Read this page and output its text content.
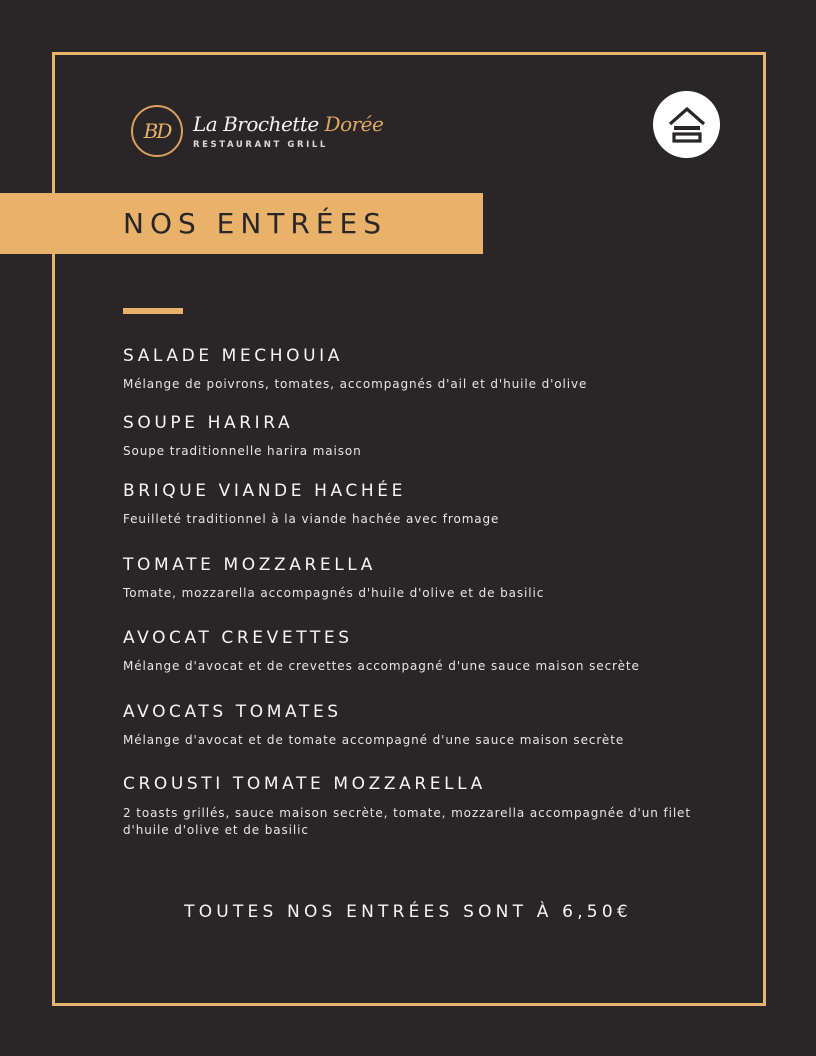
BD	La Brochette Dorée
RESTAURANT GRILL
NOS ENTRÉES
SALADE MECHOUIA
Mélange de poivrons, tomates, accompagnés d'ail et d'huile d'olive
SOUPE HARIRA
Soupe traditionnelle harira maison
BRIQUE VIANDE HACHÉE
Feuilleté traditionnel à la viande hachée avec fromage
TOMATE MOZZARELLA
Tomate, mozzarella accompagnés d'huile d'olive et de basilic
AVOCAT CREVETTES
Mélange d'avocat et de crevettes accompagné d'une sauce maison secrète
AVOCATS TOMATES
Mélange d'avocat et de tomate accompagné d'une sauce maison secrète
CROUSTI TOMATE MOZZARELLA
2 toasts grillés, sauce maison secrète, tomate, mozzarella accompagnée d'un filet d'huile d'olive et de basilic
TOUTES NOS ENTRÉES SONT À 6,50€
